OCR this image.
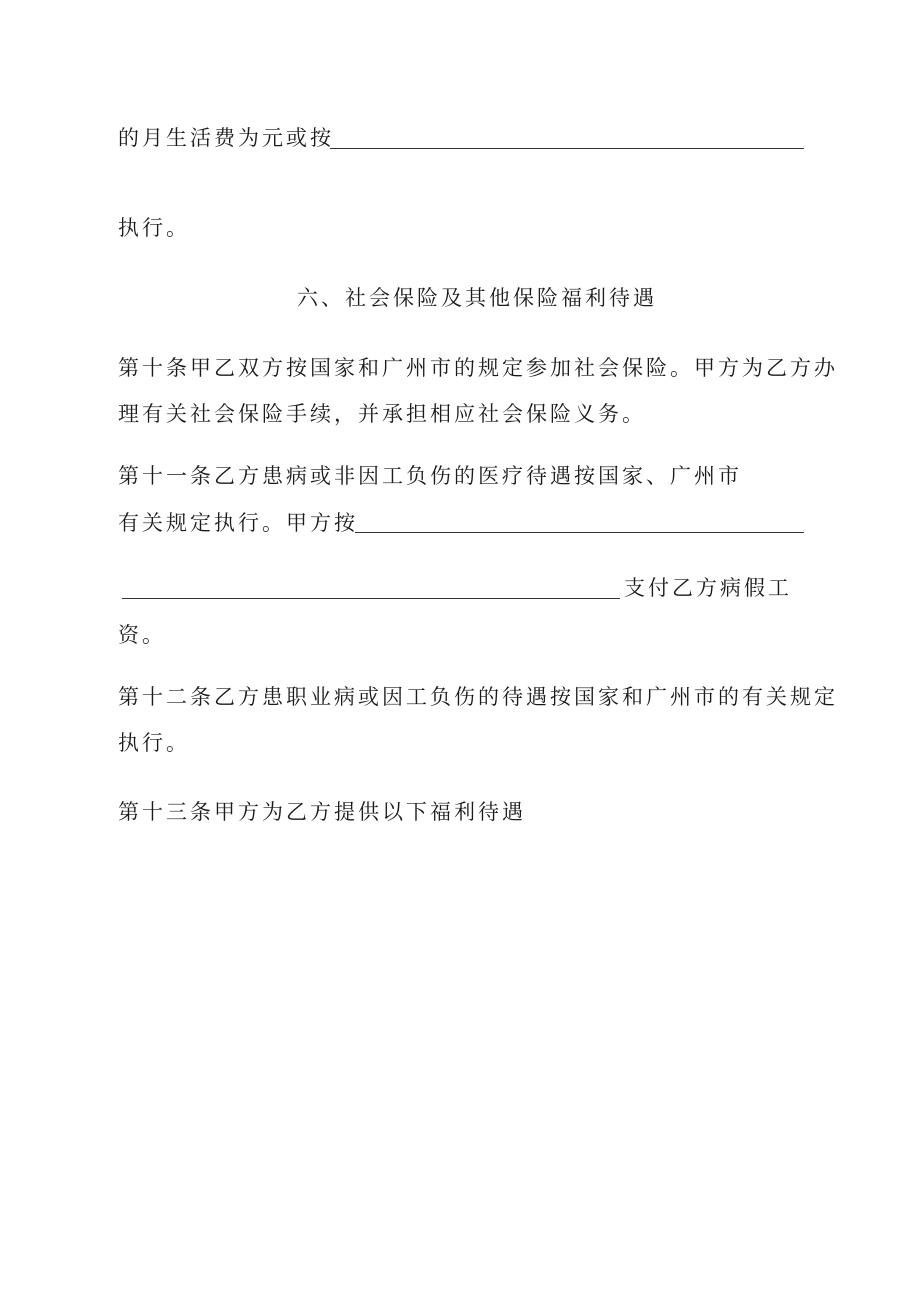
的月生活费为元或按
执行。
六、社会保险及其他保险福利待遇
第十条甲乙双方按国家和广州市的规定参加社会保险。甲方为乙方办
理有关社会保险手续，并承担相应社会保险义务。
第十一条乙方患病或非因工负伤的医疗待遇按国家、广州市
有关规定执行。甲方按
支付乙方病假工
资。
第十二条乙方患职业病或因工负伤的待遇按国家和广州市的有关规定
执行。
第十三条甲方为乙方提供以下福利待遇
